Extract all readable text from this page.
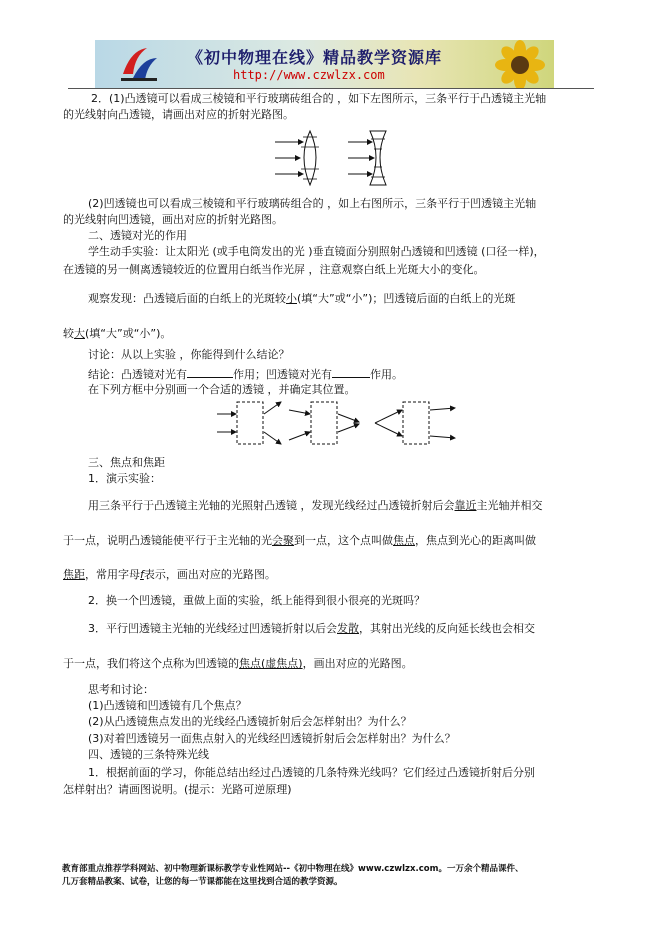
《初中物理在线》精品教学资源库
http://www.czwlzx.com
2．(1)凸透镜可以看成三棱镜和平行玻璃砖组合的 ，如下左图所示，三条平行于凸透镜主光轴
的光线射向凸透镜，请画出对应的折射光路图。
(2)凹透镜也可以看成三棱镜和平行玻璃砖组合的 ，如上右图所示，三条平行于凹透镜主光轴
的光线射向凹透镜，画出对应的折射光路图。
二、透镜对光的作用
学生动手实验：让太阳光 (或手电筒发出的光 )垂直镜面分别照射凸透镜和凹透镜 (口径一样)，
在透镜的另一侧离透镜较近的位置用白纸当作光屏 ，注意观察白纸上光斑大小的变化。
观察发现：凸透镜后面的白纸上的光斑较小(填“大”或“小”)；凹透镜后面的白纸上的光斑
较大(填“大”或“小”)。
讨论：从以上实验 ，你能得到什么结论？
结论：凸透镜对光有	作用；凹透镜对光有	作用。
在下列方框中分别画一个合适的透镜 ，并确定其位置。
三、焦点和焦距
1．演示实验：
用三条平行于凸透镜主光轴的光照射凸透镜 ，发现光线经过凸透镜折射后会靠近主光轴并相交
于一点，说明凸透镜能使平行于主光轴的光会聚到一点，这个点叫做焦点，焦点到光心的距离叫做
焦距，常用字母f表示，画出对应的光路图。
2．换一个凹透镜，重做上面的实验，纸上能得到很小很亮的光斑吗？
3．平行凹透镜主光轴的光线经过凹透镜折射以后会发散，其射出光线的反向延长线也会相交
于一点，我们将这个点称为凹透镜的焦点(虚焦点)，画出对应的光路图。
思考和讨论：
(1)凸透镜和凹透镜有几个焦点？
(2)从凸透镜焦点发出的光线经凸透镜折射后会怎样射出？为什么？
(3)对着凹透镜另一面焦点射入的光线经凹透镜折射后会怎样射出？为什么？
四、透镜的三条特殊光线
1．根据前面的学习，你能总结出经过凸透镜的几条特殊光线吗？它们经过凸透镜折射后分别
怎样射出？请画图说明。(提示：光路可逆原理)
教育部重点推荐学科网站、初中物理新课标教学专业性网站--《初中物理在线》www.czwlzx.com。一万余个精品课件、
几万套精品教案、试卷，让您的每一节课都能在这里找到合适的教学资源。
